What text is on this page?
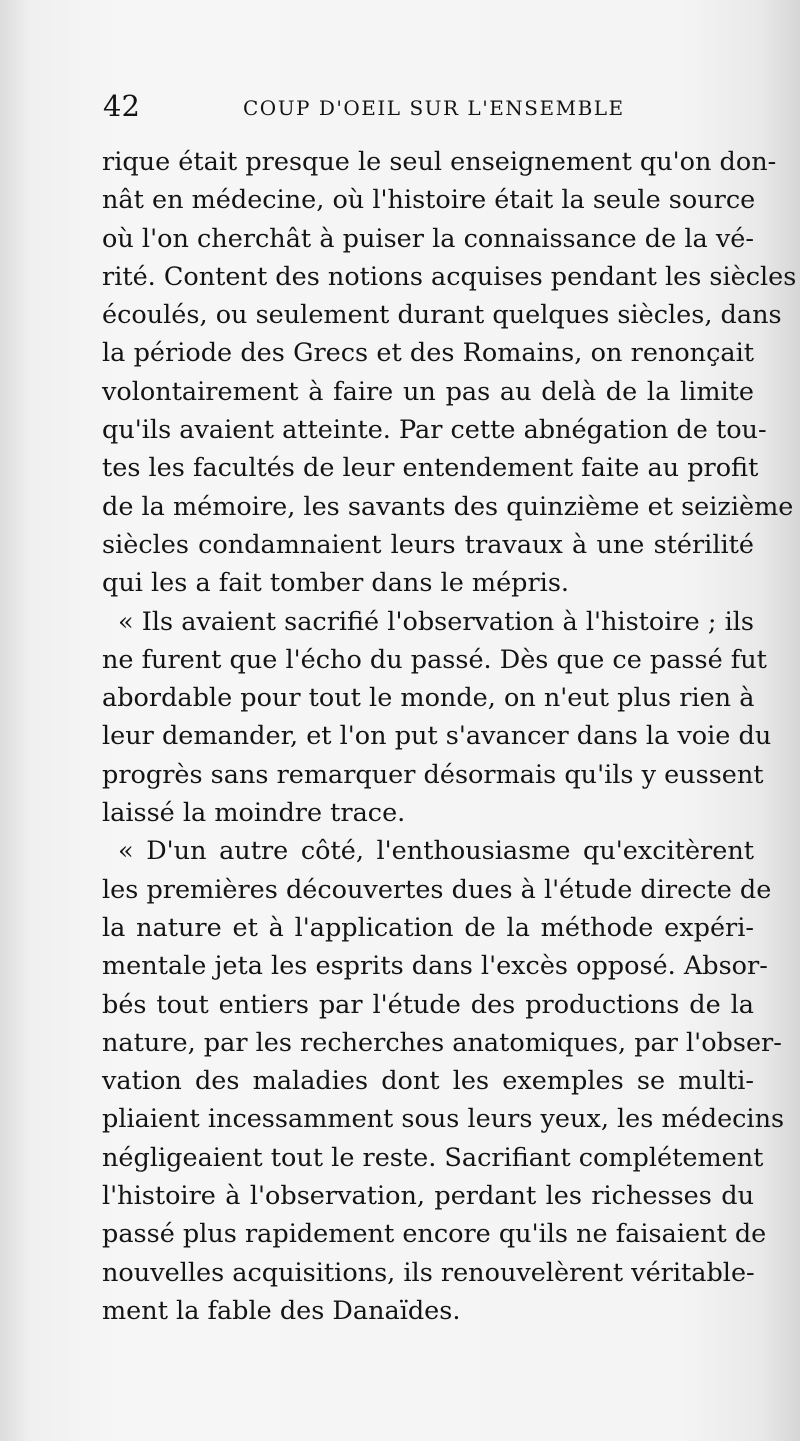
42	COUP D'OEIL SUR L'ENSEMBLE
rique était presque le seul enseignement qu'on don-
nât en médecine, où l'histoire était la seule source
où l'on cherchât à puiser la connaissance de la vé-
rité. Content des notions acquises pendant les siècles
écoulés, ou seulement durant quelques siècles, dans
la période des Grecs et des Romains, on renonçait
volontairement à faire un pas au delà de la limite
qu'ils avaient atteinte. Par cette abnégation de tou-
tes les facultés de leur entendement faite au profit
de la mémoire, les savants des quinzième et seizième
siècles condamnaient leurs travaux à une stérilité
qui les a fait tomber dans le mépris.
« Ils avaient sacrifié l'observation à l'histoire ; ils
ne furent que l'écho du passé. Dès que ce passé fut
abordable pour tout le monde, on n'eut plus rien à
leur demander, et l'on put s'avancer dans la voie du
progrès sans remarquer désormais qu'ils y eussent
laissé la moindre trace.
« D'un autre côté, l'enthousiasme qu'excitèrent
les premières découvertes dues à l'étude directe de
la nature et à l'application de la méthode expéri-
mentale jeta les esprits dans l'excès opposé. Absor-
bés tout entiers par l'étude des productions de la
nature, par les recherches anatomiques, par l'obser-
vation des maladies dont les exemples se multi-
pliaient incessamment sous leurs yeux, les médecins
négligeaient tout le reste. Sacrifiant complétement
l'histoire à l'observation, perdant les richesses du
passé plus rapidement encore qu'ils ne faisaient de
nouvelles acquisitions, ils renouvelèrent véritable-
ment la fable des Danaïdes.
